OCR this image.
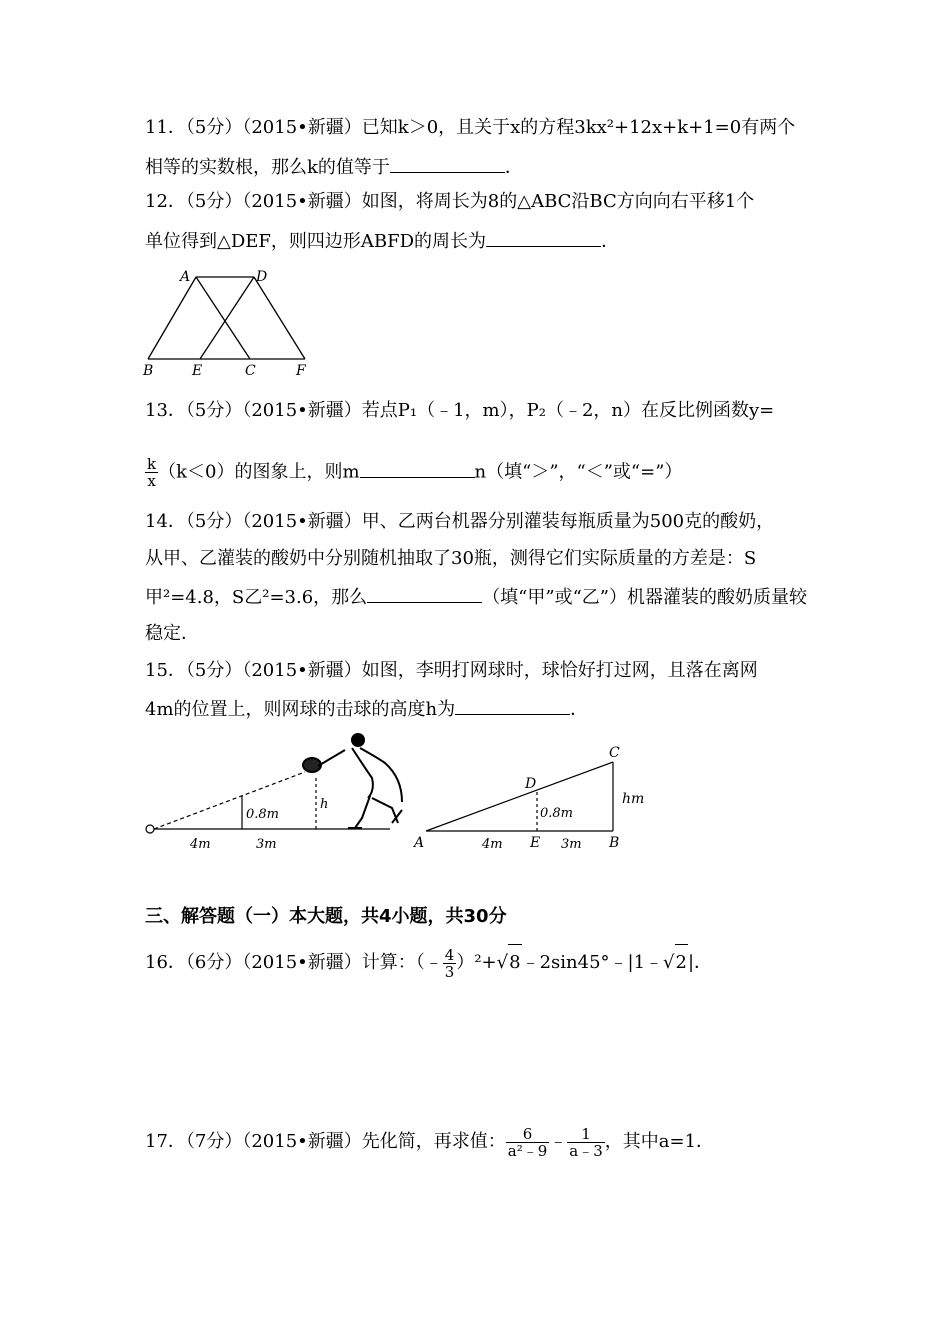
11．（5分）（2015•新疆）已知k＞0，且关于x的方程3kx²+12x+k+1=0有两个
相等的实数根，那么k的值等于	．
12．（5分）（2015•新疆）如图，将周长为8的△ABC沿BC方向向右平移1个
单位得到△DEF，则四边形ABFD的周长为	．
A	D
B	E	C	F
13．（5分）（2015•新疆）若点P₁（﹣1，m），P₂（﹣2，n）在反比例函数y=
$\frac{k}{x} (k<0)$的图象上，则m	n（填“＞”，“＜”或“=”）
14．（5分）（2015•新疆）甲、乙两台机器分别灌装每瓶质量为500克的酸奶，
从甲、乙灌装的酸奶中分别随机抽取了30瓶，测得它们实际质量的方差是：S
甲²=4.8，S乙²=3.6，那么	（填“甲”或“乙”）机器灌装的酸奶质量较
稳定．
15．（5分）（2015•新疆）如图，李明打网球时，球恰好打过网，且落在离网
4m的位置上，则网球的击球的高度h为	．
0.8m
h
4m	3m
C
D
0.8m
hm
A	4m E 3m B
三、解答题（一）本大题，共4小题，共30分
16．（6分）（2015•新疆）计算：（﹣ $\frac{4}{3}$ ）²+√8﹣2sin45°﹣|1﹣√2|．
17．（7分）（2015•新疆）先化简，再求值： $\frac{6}{\text{a²﹣9}}$ ﹣ $\frac{1}{a﹣3}$ ，其中a=1．
